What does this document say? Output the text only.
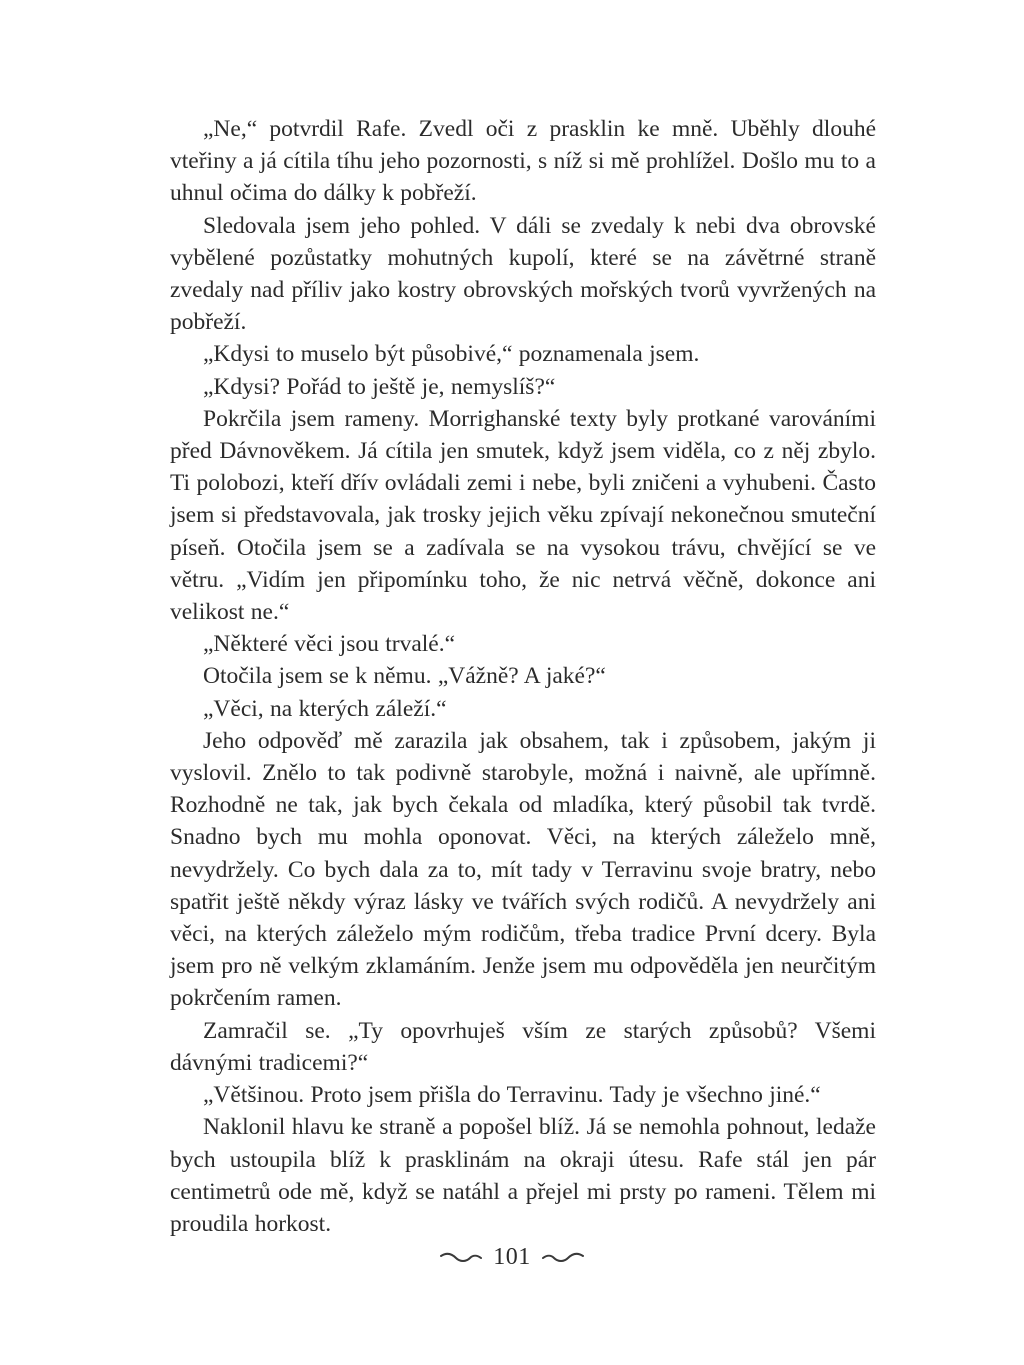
„Ne,“ potvrdil Rafe. Zvedl oči z prasklin ke mně. Uběhly dlouhé vteřiny a já cítila tíhu jeho pozornosti, s níž si mě prohlížel. Došlo mu to a uhnul očima do dálky k pobřeží.

Sledovala jsem jeho pohled. V dáli se zvedaly k nebi dva obrovské vybělené pozůstatky mohutných kupolí, které se na závětrné straně zvedaly nad příliv jako kostry obrovských mořských tvorů vyvržených na pobřeží.

„Kdysi to muselo být působivé,“ poznamenala jsem.

„Kdysi? Pořád to ještě je, nemyslíš?“

Pokrčila jsem rameny. Morrighanské texty byly protkané varováními před Dávnověkem. Já cítila jen smutek, když jsem viděla, co z něj zbylo. Ti polobozi, kteří dřív ovládali zemi i nebe, byli zničeni a vyhubeni. Často jsem si představovala, jak trosky jejich věku zpívají nekonečnou smuteční píseň. Otočila jsem se a zadívala se na vysokou trávu, chvějící se ve větru. „Vidím jen připomínku toho, že nic netrvá věčně, dokonce ani velikost ne.“

„Některé věci jsou trvalé.“

Otočila jsem se k němu. „Vážně? A jaké?“

„Věci, na kterých záleží.“

Jeho odpověď mě zarazila jak obsahem, tak i způsobem, jakým ji vyslovil. Znělo to tak podivně starobyle, možná i naivně, ale upřímně. Rozhodně ne tak, jak bych čekala od mladíka, který působil tak tvrdě. Snadno bych mu mohla oponovat. Věci, na kterých záleželo mně, nevydržely. Co bych dala za to, mít tady v Terravinu svoje bratry, nebo spatřit ještě někdy výraz lásky ve tvářích svých rodičů. A nevydržely ani věci, na kterých záleželo mým rodičům, třeba tradice První dcery. Byla jsem pro ně velkým zklamáním. Jenže jsem mu odpověděla jen neurčitým pokrčením ramen.

Zamračil se. „Ty opovrhuješ vším ze starých způsobů? Všemi dávnými tradicemi?“

„Většinou. Proto jsem přišla do Terravinu. Tady je všechno jiné.“

Naklonil hlavu ke straně a popošel blíž. Já se nemohla pohnout, ledaže bych ustoupila blíž k prasklinám na okraji útesu. Rafe stál jen pár centimetrů ode mě, když se natáhl a přejel mi prsty po rameni. Tělem mi proudila horkost.

101
